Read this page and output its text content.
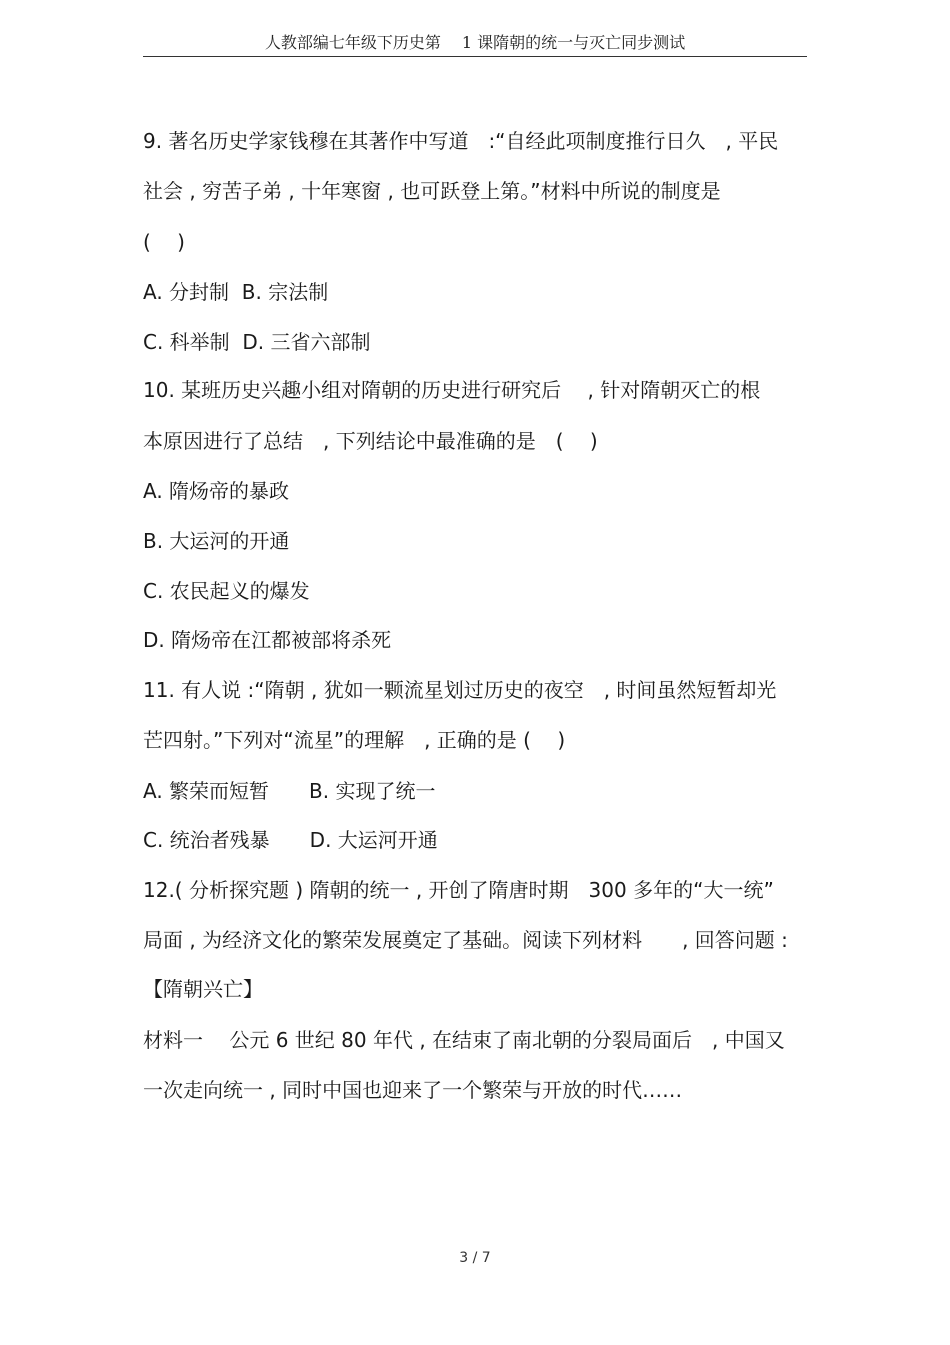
人教部编七年级下历史第 　1 课隋朝的统一与灭亡同步测试
9. 著名历史学家钱穆在其著作中写道　:“自经此项制度推行日久　, 平民
社会 , 穷苦子弟 , 十年寒窗 , 也可跃登上第。”材料中所说的制度是
(　 )
A. 分封制  B. 宗法制
C. 科举制  D. 三省六部制
10. 某班历史兴趣小组对隋朝的历史进行研究后　 , 针对隋朝灭亡的根
本原因进行了总结　, 下列结论中最准确的是　(　 )
A. 隋炀帝的暴政
B. 大运河的开通
C. 农民起义的爆发
D. 隋炀帝在江都被部将杀死
11. 有人说 :“隋朝 , 犹如一颗流星划过历史的夜空　, 时间虽然短暂却光
芒四射。”下列对“流星”的理解　, 正确的是 (　 )
A. 繁荣而短暂　　B. 实现了统一
C. 统治者残暴　　D. 大运河开通
12.( 分析探究题 ) 隋朝的统一 , 开创了隋唐时期　300 多年的“大一统”
局面 , 为经济文化的繁荣发展奠定了基础。阅读下列材料　　, 回答问题 :
【隋朝兴亡】
材料一　 公元 6 世纪 80 年代 , 在结束了南北朝的分裂局面后　, 中国又
一次走向统一 , 同时中国也迎来了一个繁荣与开放的时代……
3 / 7
